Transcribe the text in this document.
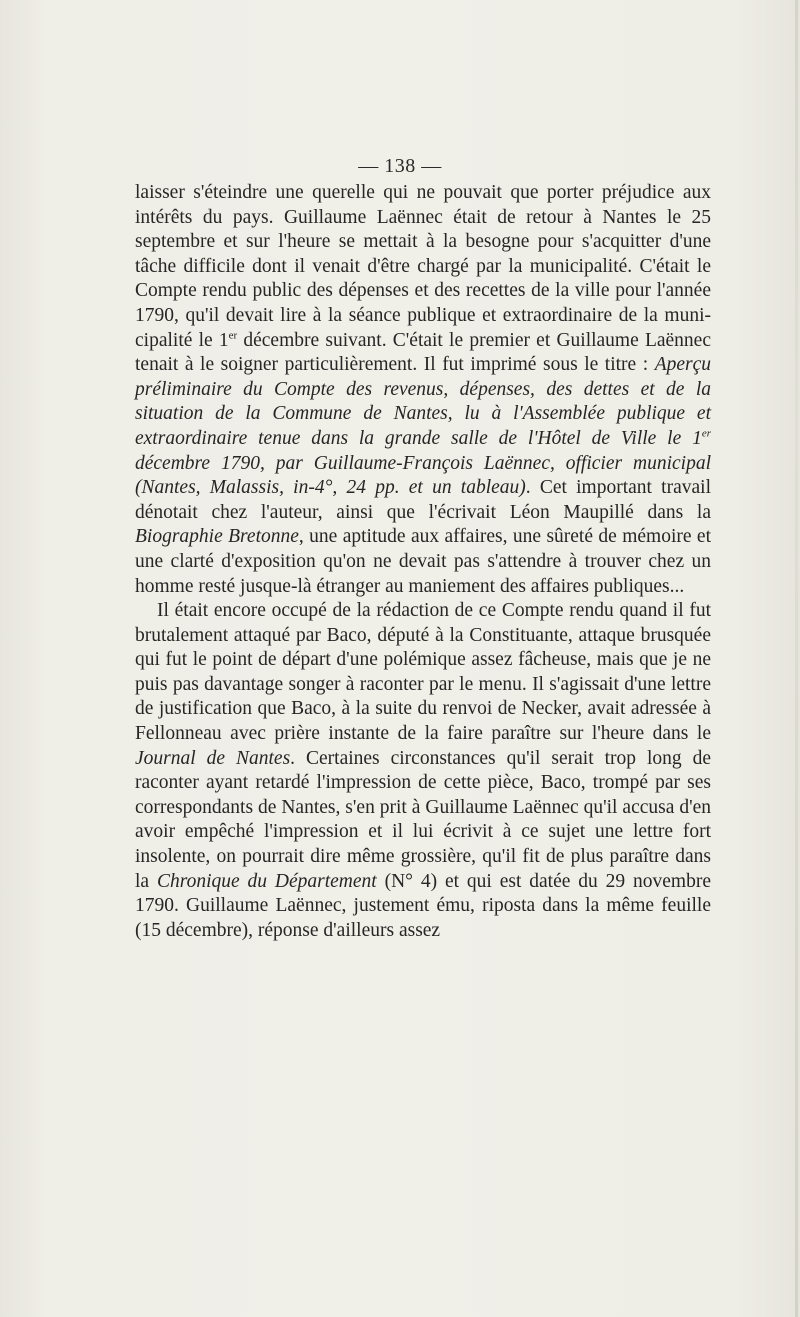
— 138 —

laisser s'éteindre une querelle qui ne pouvait que porter préjudice aux intérêts du pays. Guillaume Laënnec était de retour à Nantes le 25 septembre et sur l'heure se mettait à la besogne pour s'acquitter d'une tâche difficile dont il venait d'être chargé par la municipalité. C'était le Compte rendu public des dépenses et des recettes de la ville pour l'année 1790, qu'il devait lire à la séance publique et extraordinaire de la municipalité le 1er décembre suivant. C'était le premier et Guillaume Laënnec tenait à le soigner particulièrement. Il fut imprimé sous le titre : Aperçu préliminaire du Compte des revenus, dépenses, des dettes et de la situation de la Commune de Nantes, lu à l'Assemblée publique et extraordinaire tenue dans la grande salle de l'Hôtel de Ville le 1er décembre 1790, par Guillaume-François Laënnec, officier municipal (Nantes, Malassis, in-4°, 24 pp. et un tableau). Cet important travail dénotait chez l'auteur, ainsi que l'écrivait Léon Maupillé dans la Biographie Bretonne, une aptitude aux affaires, une sûreté de mémoire et une clarté d'exposition qu'on ne devait pas s'attendre à trouver chez un homme resté jusque-là étranger au maniement des affaires publiques...

Il était encore occupé de la rédaction de ce Compte rendu quand il fut brutalement attaqué par Baco, député à la Constituante, attaque brusquée qui fut le point de départ d'une polémique assez fâcheuse, mais que je ne puis pas davantage songer à raconter par le menu. Il s'agissait d'une lettre de justification que Baco, à la suite du renvoi de Necker, avait adressée à Fellonneau avec prière instante de la faire paraître sur l'heure dans le Journal de Nantes. Certaines circonstances qu'il serait trop long de raconter ayant retardé l'impression de cette pièce, Baco, trompé par ses correspondants de Nantes, s'en prit à Guillaume Laënnec qu'il accusa d'en avoir empêché l'impression et il lui écrivit à ce sujet une lettre fort insolente, on pourrait dire même grossière, qu'il fit de plus paraître dans la Chronique du Département (N° 4) et qui est datée du 29 novembre 1790. Guillaume Laënnec, justement ému, riposta dans la même feuille (15 décembre), réponse d'ailleurs assez
